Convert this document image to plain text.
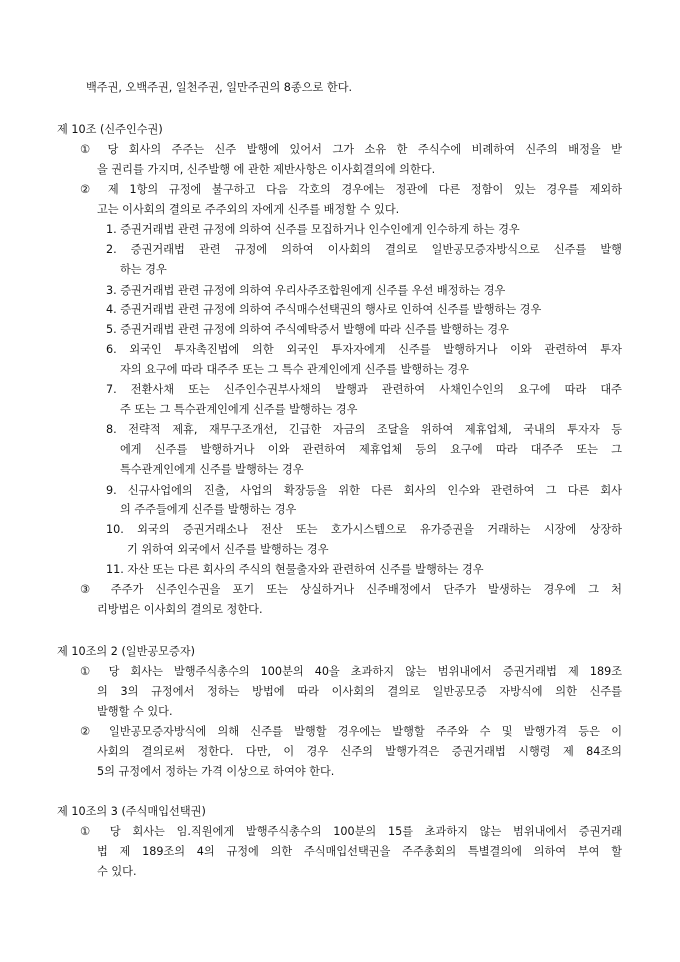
백주권, 오백주권, 일천주권, 일만주권의 8종으로 한다.
제 10조 (신주인수권)
① 당 회사의 주주는 신주 발행에 있어서 그가 소유 한 주식수에 비례하여 신주의 배정을 받
을 권리를 가지며, 신주발행 에 관한 제반사항은 이사회결의에 의한다.
② 제 1항의 규정에 불구하고 다음 각호의 경우에는 정관에 다른 정함이 있는 경우를 제외하
고는 이사회의 결의로 주주외의 자에게 신주를 배정할 수 있다.
1. 증권거래법 관련 규정에 의하여 신주를 모집하거나 인수인에게 인수하게 하는 경우
2. 증권거래법 관련 규정에 의하여 이사회의 결의로 일반공모증자방식으로 신주를 발행
하는 경우
3. 증권거래법 관련 규정에 의하여 우리사주조합원에게 신주를 우선 배정하는 경우
4. 증권거래법 관련 규정에 의하여 주식매수선택권의 행사로 인하여 신주를 발행하는 경우
5. 증권거래법 관련 규정에 의하여 주식예탁증서 발행에 따라 신주를 발행하는 경우
6. 외국인 투자촉진법에 의한 외국인 투자자에게 신주를 발행하거나 이와 관련하여 투자
자의 요구에 따라 대주주 또는 그 특수 관계인에게 신주를 발행하는 경우
7. 전환사채 또는 신주인수권부사채의 발행과 관련하여 사채인수인의 요구에 따라 대주
주 또는 그 특수관계인에게 신주를 발행하는 경우
8. 전략적 제휴, 재무구조개선, 긴급한 자금의 조달을 위하여 제휴업체, 국내의 투자자 등
에게 신주를 발행하거나 이와 관련하여 제휴업체 등의 요구에 따라 대주주 또는 그
특수관계인에게 신주를 발행하는 경우
9. 신규사업에의 진출, 사업의 확장등을 위한 다른 회사의 인수와 관련하여 그 다른 회사
의 주주들에게 신주를 발행하는 경우
10. 외국의 증권거래소나 전산 또는 호가시스템으로 유가증권을 거래하는 시장에 상장하
기 위하여 외국에서 신주를 발행하는 경우
11. 자산 또는 다른 회사의 주식의 현물출자와 관련하여 신주를 발행하는 경우
③ 주주가 신주인수권을 포기 또는 상실하거나 신주배정에서 단주가 발생하는 경우에 그 처
리방법은 이사회의 결의로 정한다.
제 10조의 2 (일반공모증자)
① 당 회사는 발행주식총수의 100분의 40을 초과하지 않는 범위내에서 증권거래법 제 189조
의 3의 규정에서 정하는 방법에 따라 이사회의 결의로 일반공모증 자방식에 의한 신주를
발행할 수 있다.
② 일반공모증자방식에 의해 신주를 발행할 경우에는 발행할 주주와 수 및 발행가격 등은 이
사회의 결의로써 정한다. 다만, 이 경우 신주의 발행가격은 증권거래법 시행령 제 84조의
5의 규정에서 정하는 가격 이상으로 하여야 한다.
제 10조의 3 (주식매입선택권)
① 당 회사는 임.직원에게 발행주식총수의 100분의 15를 초과하지 않는 범위내에서 증권거래
법 제 189조의 4의 규정에 의한 주식매입선택권을 주주총회의 특별결의에 의하여 부여 할
수 있다.
